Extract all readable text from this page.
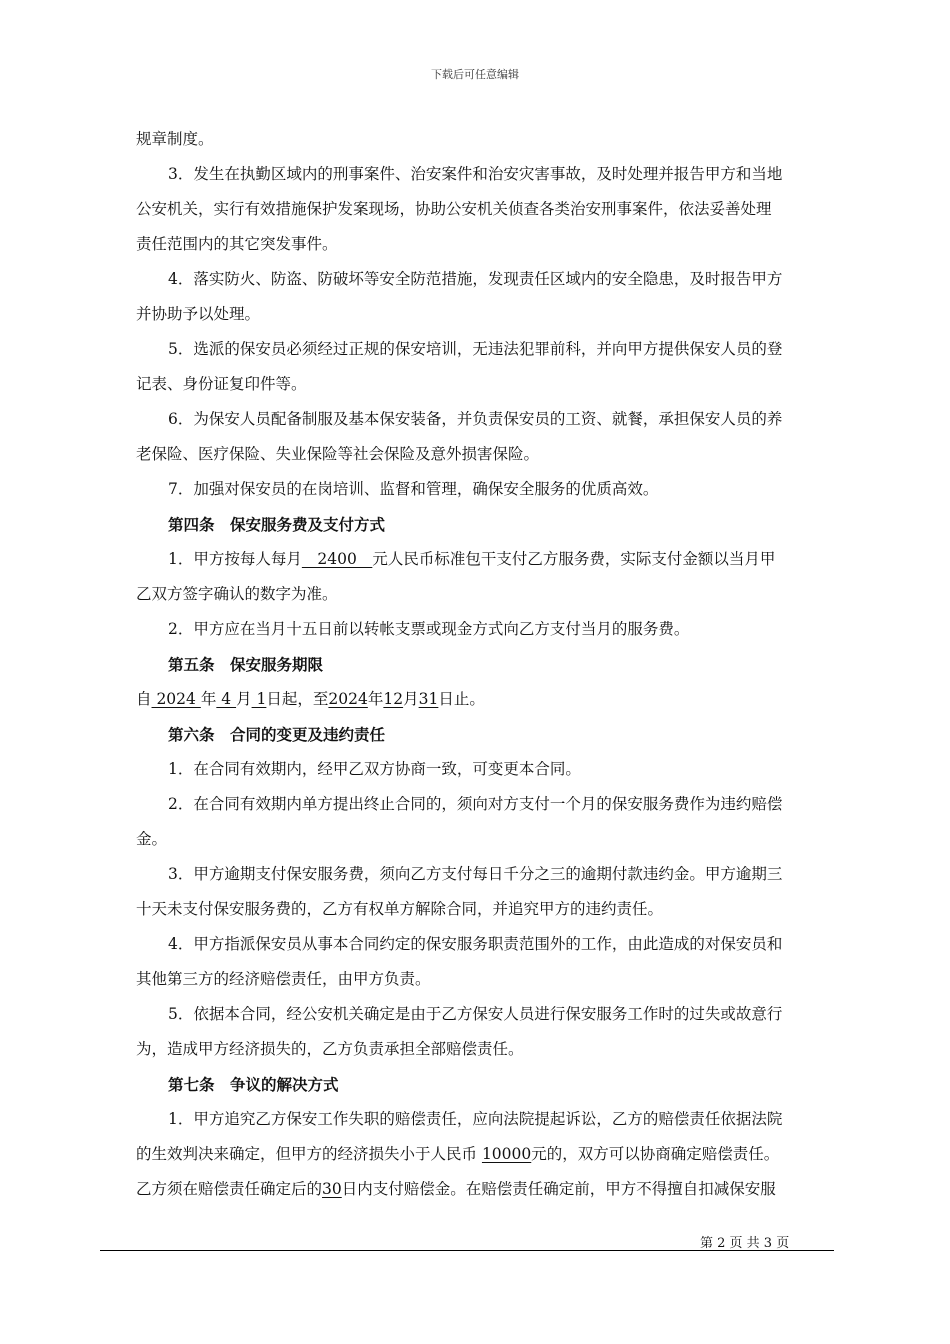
下载后可任意编辑
规章制度。
3．发生在执勤区域内的刑事案件、治安案件和治安灾害事故，及时处理并报告甲方和当地
公安机关，实行有效措施保护发案现场，协助公安机关侦查各类治安刑事案件，依法妥善处理
责任范围内的其它突发事件。
4．落实防火、防盗、防破坏等安全防范措施，发现责任区域内的安全隐患，及时报告甲方
并协助予以处理。
5．选派的保安员必须经过正规的保安培训，无违法犯罪前科，并向甲方提供保安人员的登
记表、身份证复印件等。
6．为保安人员配备制服及基本保安装备，并负责保安员的工资、就餐，承担保安人员的养
老保险、医疗保险、失业保险等社会保险及意外损害保险。
7．加强对保安员的在岗培训、监督和管理，确保安全服务的优质高效。
第四条　保安服务费及支付方式
1．甲方按每人每月　2400　元人民币标准包干支付乙方服务费，实际支付金额以当月甲
乙双方签字确认的数字为准。
2．甲方应在当月十五日前以转帐支票或现金方式向乙方支付当月的服务费。
第五条　保安服务期限
自 2024 年 4 月 1日起，至2024年12月31日止。
第六条　合同的变更及违约责任
1．在合同有效期内，经甲乙双方协商一致，可变更本合同。
2．在合同有效期内单方提出终止合同的，须向对方支付一个月的保安服务费作为违约赔偿
金。
3．甲方逾期支付保安服务费，须向乙方支付每日千分之三的逾期付款违约金。甲方逾期三
十天未支付保安服务费的，乙方有权单方解除合同，并追究甲方的违约责任。
4．甲方指派保安员从事本合同约定的保安服务职责范围外的工作，由此造成的对保安员和
其他第三方的经济赔偿责任，由甲方负责。
5．依据本合同，经公安机关确定是由于乙方保安人员进行保安服务工作时的过失或故意行
为，造成甲方经济损失的，乙方负责承担全部赔偿责任。
第七条　争议的解决方式
1．甲方追究乙方保安工作失职的赔偿责任，应向法院提起诉讼，乙方的赔偿责任依据法院
的生效判决来确定，但甲方的经济损失小于人民币 10000元的，双方可以协商确定赔偿责任。
乙方须在赔偿责任确定后的30日内支付赔偿金。在赔偿责任确定前，甲方不得擅自扣减保安服
第 2 页 共 3 页
